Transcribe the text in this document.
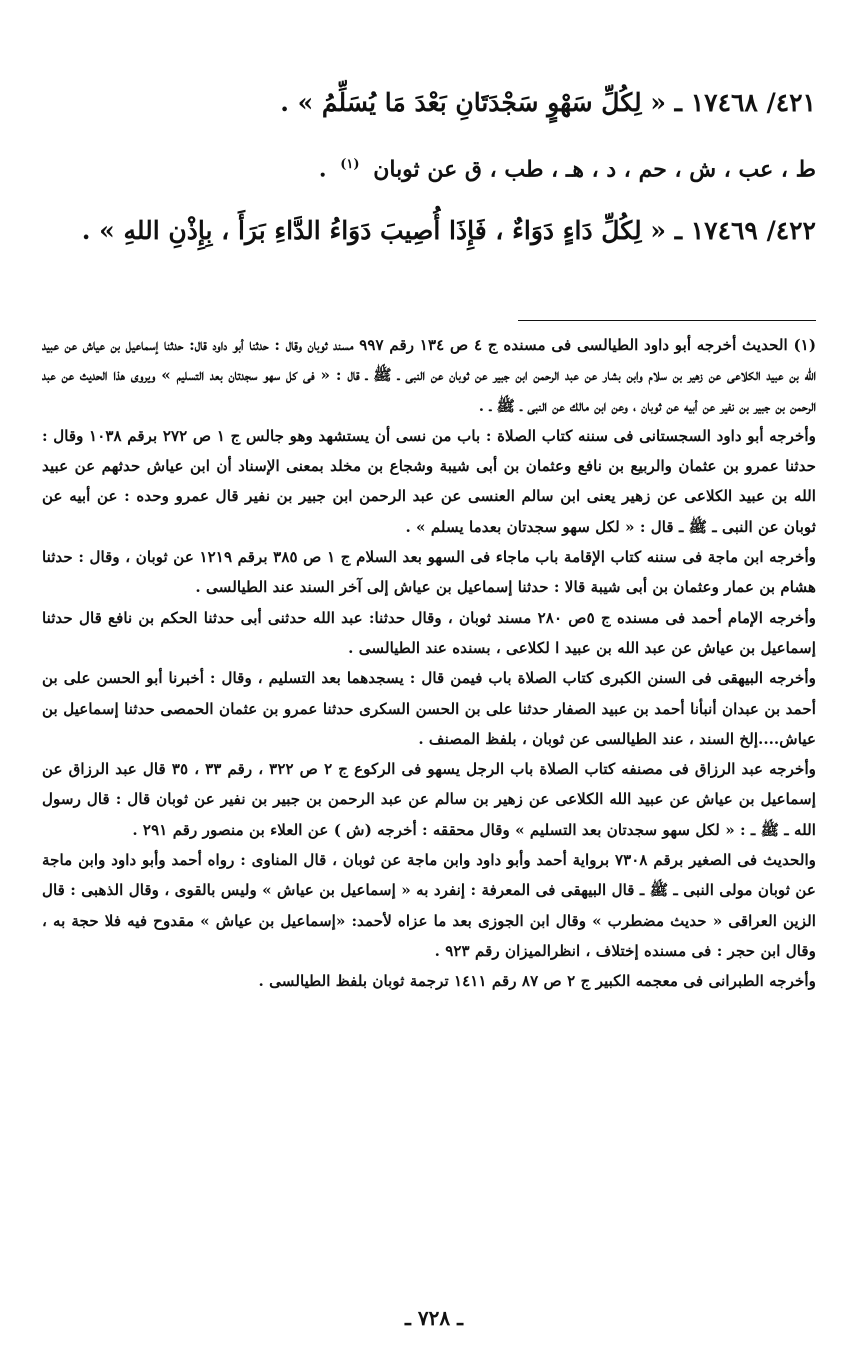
٤٢١/ ١٧٤٦٨ ـ « لِكُلِّ سَهْوٍ سَجْدَتَانِ بَعْدَ مَا يُسَلِّمُ » .
ط ، عب ، ش ، حم ، د ، هـ ، طب ، ق عن ثوبان $^{(١)}$ .
٤٢٢/ ١٧٤٦٩ ـ « لِكُلِّ دَاءٍ دَوَاءٌ ، فَإِذَا أُصِيبَ دَوَاءُ الدَّاءِ بَرَأَ ، بِإِذْنِ اللهِ » .

(١) الحديث أخرجه أبو داود الطيالسى فى مسنده ج ٤ ص ١٣٤ رقم ٩٩٧ مسند ثوبان وقال : حدثنا أبو داود قال: حدثنا إسماعيل بن عياش عن عبيد الله بن عبيد الكلاعى عن زهير بن سلام وابن بشار عن عبد الرحمن ابن جبير عن ثوبان عن النبى ـ ﷺ ـ قال : « فى كل سهو سجدتان بعد التسليم » ويروى هذا الحديث عن عبد الرحمن بن جبير بن نفير عن أبيه عن ثوبان ، وعن ابن مالك عن النبى ـ ﷺ ـ .

وأخرجه أبو داود السجستانى فى سننه كتاب الصلاة : باب من نسى أن يستشهد وهو جالس ج ١ ص ٢٧٢ برقم ١٠٣٨ وقال : حدثنا عمرو بن عثمان والربيع بن نافع وعثمان بن أبى شيبة وشجاع بن مخلد بمعنى الإسناد أن ابن عياش حدثهم عن عبيد الله بن عبيد الكلاعى عن زهير يعنى ابن سالم العنسى عن عبد الرحمن ابن جبير بن نفير قال عمرو وحده : عن أبيه عن ثوبان عن النبى ـ ﷺ ـ قال : « لكل سهو سجدتان بعدما يسلم » .

وأخرجه ابن ماجة فى سننه كتاب الإقامة باب ماجاء فى السهو بعد السلام ج ١ ص ٣٨٥ برقم ١٢١٩ عن ثوبان ، وقال : حدثنا هشام بن عمار وعثمان بن أبى شيبة قالا : حدثنا إسماعيل بن عياش إلى آخر السند عند الطيالسى .

وأخرجه الإمام أحمد فى مسنده ج ٥ص ٢٨٠ مسند ثوبان ، وقال حدثنا: عبد الله حدثنى أبى حدثنا الحكم بن نافع قال حدثنا إسماعيل بن عياش عن عبد الله بن عبيد ا لكلاعى ، بسنده عند الطيالسى .

وأخرجه البيهقى فى السنن الكبرى كتاب الصلاة باب فيمن قال : يسجدهما بعد التسليم ، وقال : أخبرنا أبو الحسن على بن أحمد بن عبدان أنبأنا أحمد بن عبيد الصفار حدثنا على بن الحسن السكرى حدثنا عمرو بن عثمان الحمصى حدثنا إسماعيل بن عياش....إلخ السند ، عند الطيالسى عن ثوبان ، بلفظ المصنف .

وأخرجه عبد الرزاق فى مصنفه كتاب الصلاة باب الرجل يسهو فى الركوع ج ٢ ص ٣٢٢ ، رقم ٣٣ ، ٣٥ قال عبد الرزاق عن إسماعيل بن عياش عن عبيد الله الكلاعى عن زهير بن سالم عن عبد الرحمن بن جبير بن نفير عن ثوبان قال : قال رسول الله ـ ﷺ ـ : « لكل سهو سجدتان بعد التسليم » وقال محققه : أخرجه (ش ) عن العلاء بن منصور رقم ٢٩١ .

والحديث فى الصغير برقم ٧٣٠٨ برواية أحمد وأبو داود وابن ماجة عن ثوبان ، قال المناوى : رواه أحمد وأبو داود وابن ماجة عن ثوبان مولى النبى ـ ﷺ ـ قال البيهقى فى المعرفة : إنفرد به « إسماعيل بن عياش » وليس بالقوى ، وقال الذهبى : قال الزين العراقى « حديث مضطرب » وقال ابن الجوزى بعد ما عزاه لأحمد: «إسماعيل بن عياش » مقدوح فيه فلا حجة به ، وقال ابن حجر : فى مسنده إختلاف ، انظرالميزان رقم ٩٢٣ .

وأخرجه الطبرانى فى معجمه الكبير ج ٢ ص ٨٧ رقم ١٤١١ ترجمة ثوبان بلفظ الطيالسى .

ـ ٧٢٨ ـ
